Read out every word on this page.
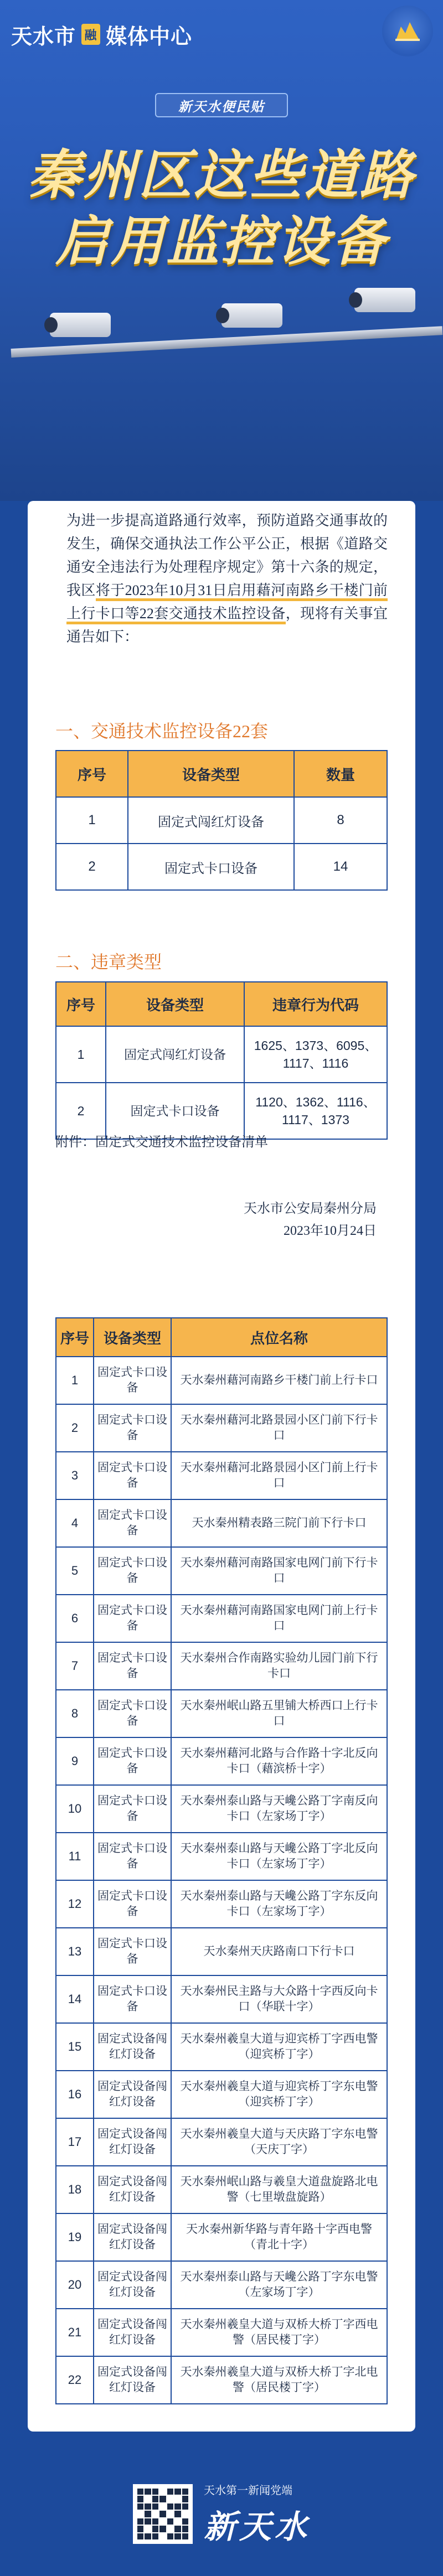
天水市 融 媒体中心
新天水便民贴
秦州区这些道路
启用监控设备
为进一步提高道路通行效率，预防道路交通事故的发生，确保交通执法工作公平公正，根据《道路交通安全违法行为处理程序规定》第十六条的规定，我区将于2023年10月31日启用藉河南路乡干楼门前上行卡口等22套交通技术监控设备，现将有关事宜通告如下：
一、交通技术监控设备22套
序号	设备类型	数量
1	固定式闯红灯设备	8
2	固定式卡口设备	14
二、违章类型
序号	设备类型	违章行为代码
1	固定式闯红灯设备	1625、1373、6095、1117、1116
2	固定式卡口设备	1120、1362、1116、1117、1373
附件：固定式交通技术监控设备清单
天水市公安局秦州分局
2023年10月24日
序号	设备类型	点位名称
1	固定式卡口设备	天水秦州藉河南路乡干楼门前上行卡口
2	固定式卡口设备	天水秦州藉河北路景园小区门前下行卡口
3	固定式卡口设备	天水秦州藉河北路景园小区门前上行卡口
4	固定式卡口设备	天水秦州精表路三院门前下行卡口
5	固定式卡口设备	天水秦州藉河南路国家电网门前下行卡口
6	固定式卡口设备	天水秦州藉河南路国家电网门前上行卡口
7	固定式卡口设备	天水秦州合作南路实验幼儿园门前下行卡口
8	固定式卡口设备	天水秦州岷山路五里铺大桥西口上行卡口
9	固定式卡口设备	天水秦州藉河北路与合作路十字北反向卡口（藉滨桥十字）
10	固定式卡口设备	天水秦州泰山路与天巉公路丁字南反向卡口（左家场丁字）
11	固定式卡口设备	天水秦州泰山路与天巉公路丁字北反向卡口（左家场丁字）
12	固定式卡口设备	天水秦州泰山路与天巉公路丁字东反向卡口（左家场丁字）
13	固定式卡口设备	天水秦州天庆路南口下行卡口
14	固定式卡口设备	天水秦州民主路与大众路十字西反向卡口（华联十字）
15	固定式设备闯红灯设备	天水秦州羲皇大道与迎宾桥丁字西电警（迎宾桥丁字）
16	固定式设备闯红灯设备	天水秦州羲皇大道与迎宾桥丁字东电警（迎宾桥丁字）
17	固定式设备闯红灯设备	天水秦州羲皇大道与天庆路丁字东电警（天庆丁字）
18	固定式设备闯红灯设备	天水秦州岷山路与羲皇大道盘旋路北电警（七里墩盘旋路）
19	固定式设备闯红灯设备	天水秦州新华路与青年路十字西电警（青北十字）
20	固定式设备闯红灯设备	天水秦州泰山路与天巉公路丁字东电警（左家场丁字）
21	固定式设备闯红灯设备	天水秦州羲皇大道与双桥大桥丁字西电警（居民楼丁字）
22	固定式设备闯红灯设备	天水秦州羲皇大道与双桥大桥丁字北电警（居民楼丁字）
天水第一新闻党端
新天水
